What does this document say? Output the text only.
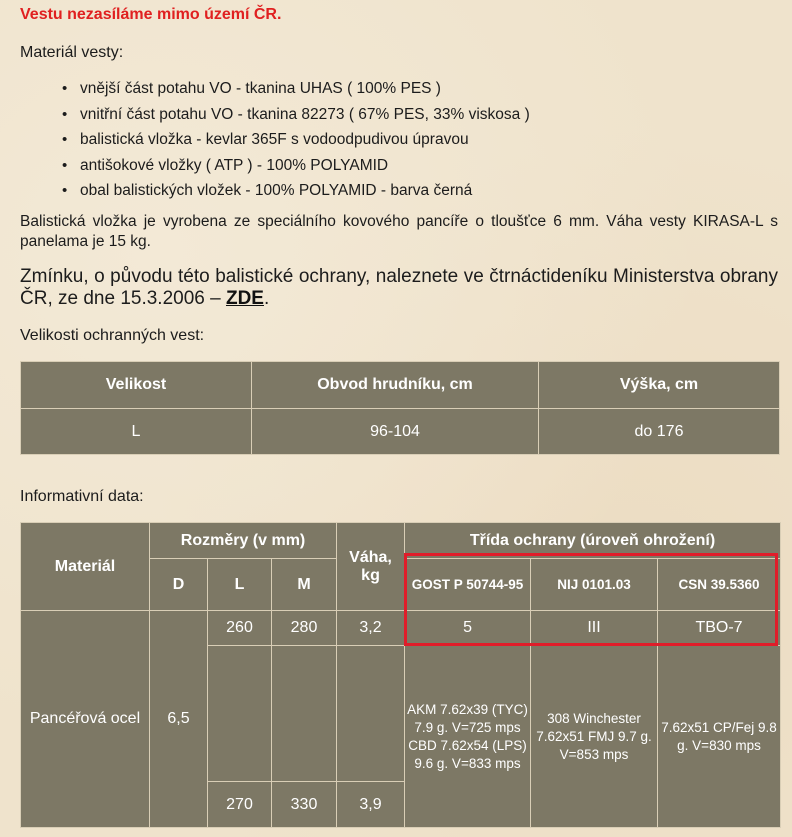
Vestu nezasíláme mimo území ČR.
Materiál vesty:
• vnější část potahu VO - tkanina UHAS ( 100% PES )
• vnitřní část potahu VO - tkanina 82273 ( 67% PES, 33% viskosa )
• balistická vložka - kevlar 365F s vodoodpudivou úpravou
• antišokové vložky ( ATP ) - 100% POLYAMID
• obal balistických vložek - 100% POLYAMID - barva černá
Balistická vložka je vyrobena ze speciálního kovového pancíře o tloušťce 6 mm. Váha vesty KIRASA-L s panelama je 15 kg.
Zmínku, o původu této balistické ochrany, naleznete ve čtrnáctideníku Ministerstva obrany ČR, ze dne 15.3.2006 – ZDE.
Velikosti ochranných vest:
Velikost	Obvod hrudníku, cm	Výška, cm
L	96-104	do 176
Informativní data:
Materiál	Rozměry (v mm)			Váha, kg	Třída ochrany (úroveň ohrožení)		
	D	L	M		GOST P 50744-95	NIJ 0101.03	CSN 39.5360
Pancéřová ocel	6,5	260	280	3,2	5	III	TBO-7
					AKM 7.62x39 (TYC) 7.9 g. V=725 mps CBD 7.62x54 (LPS) 9.6 g. V=833 mps	308 Winchester 7.62x51 FMJ 9.7 g. V=853 mps	7.62x51 CP/Fej 9.8 g. V=830 mps
		270	330	3,9			
